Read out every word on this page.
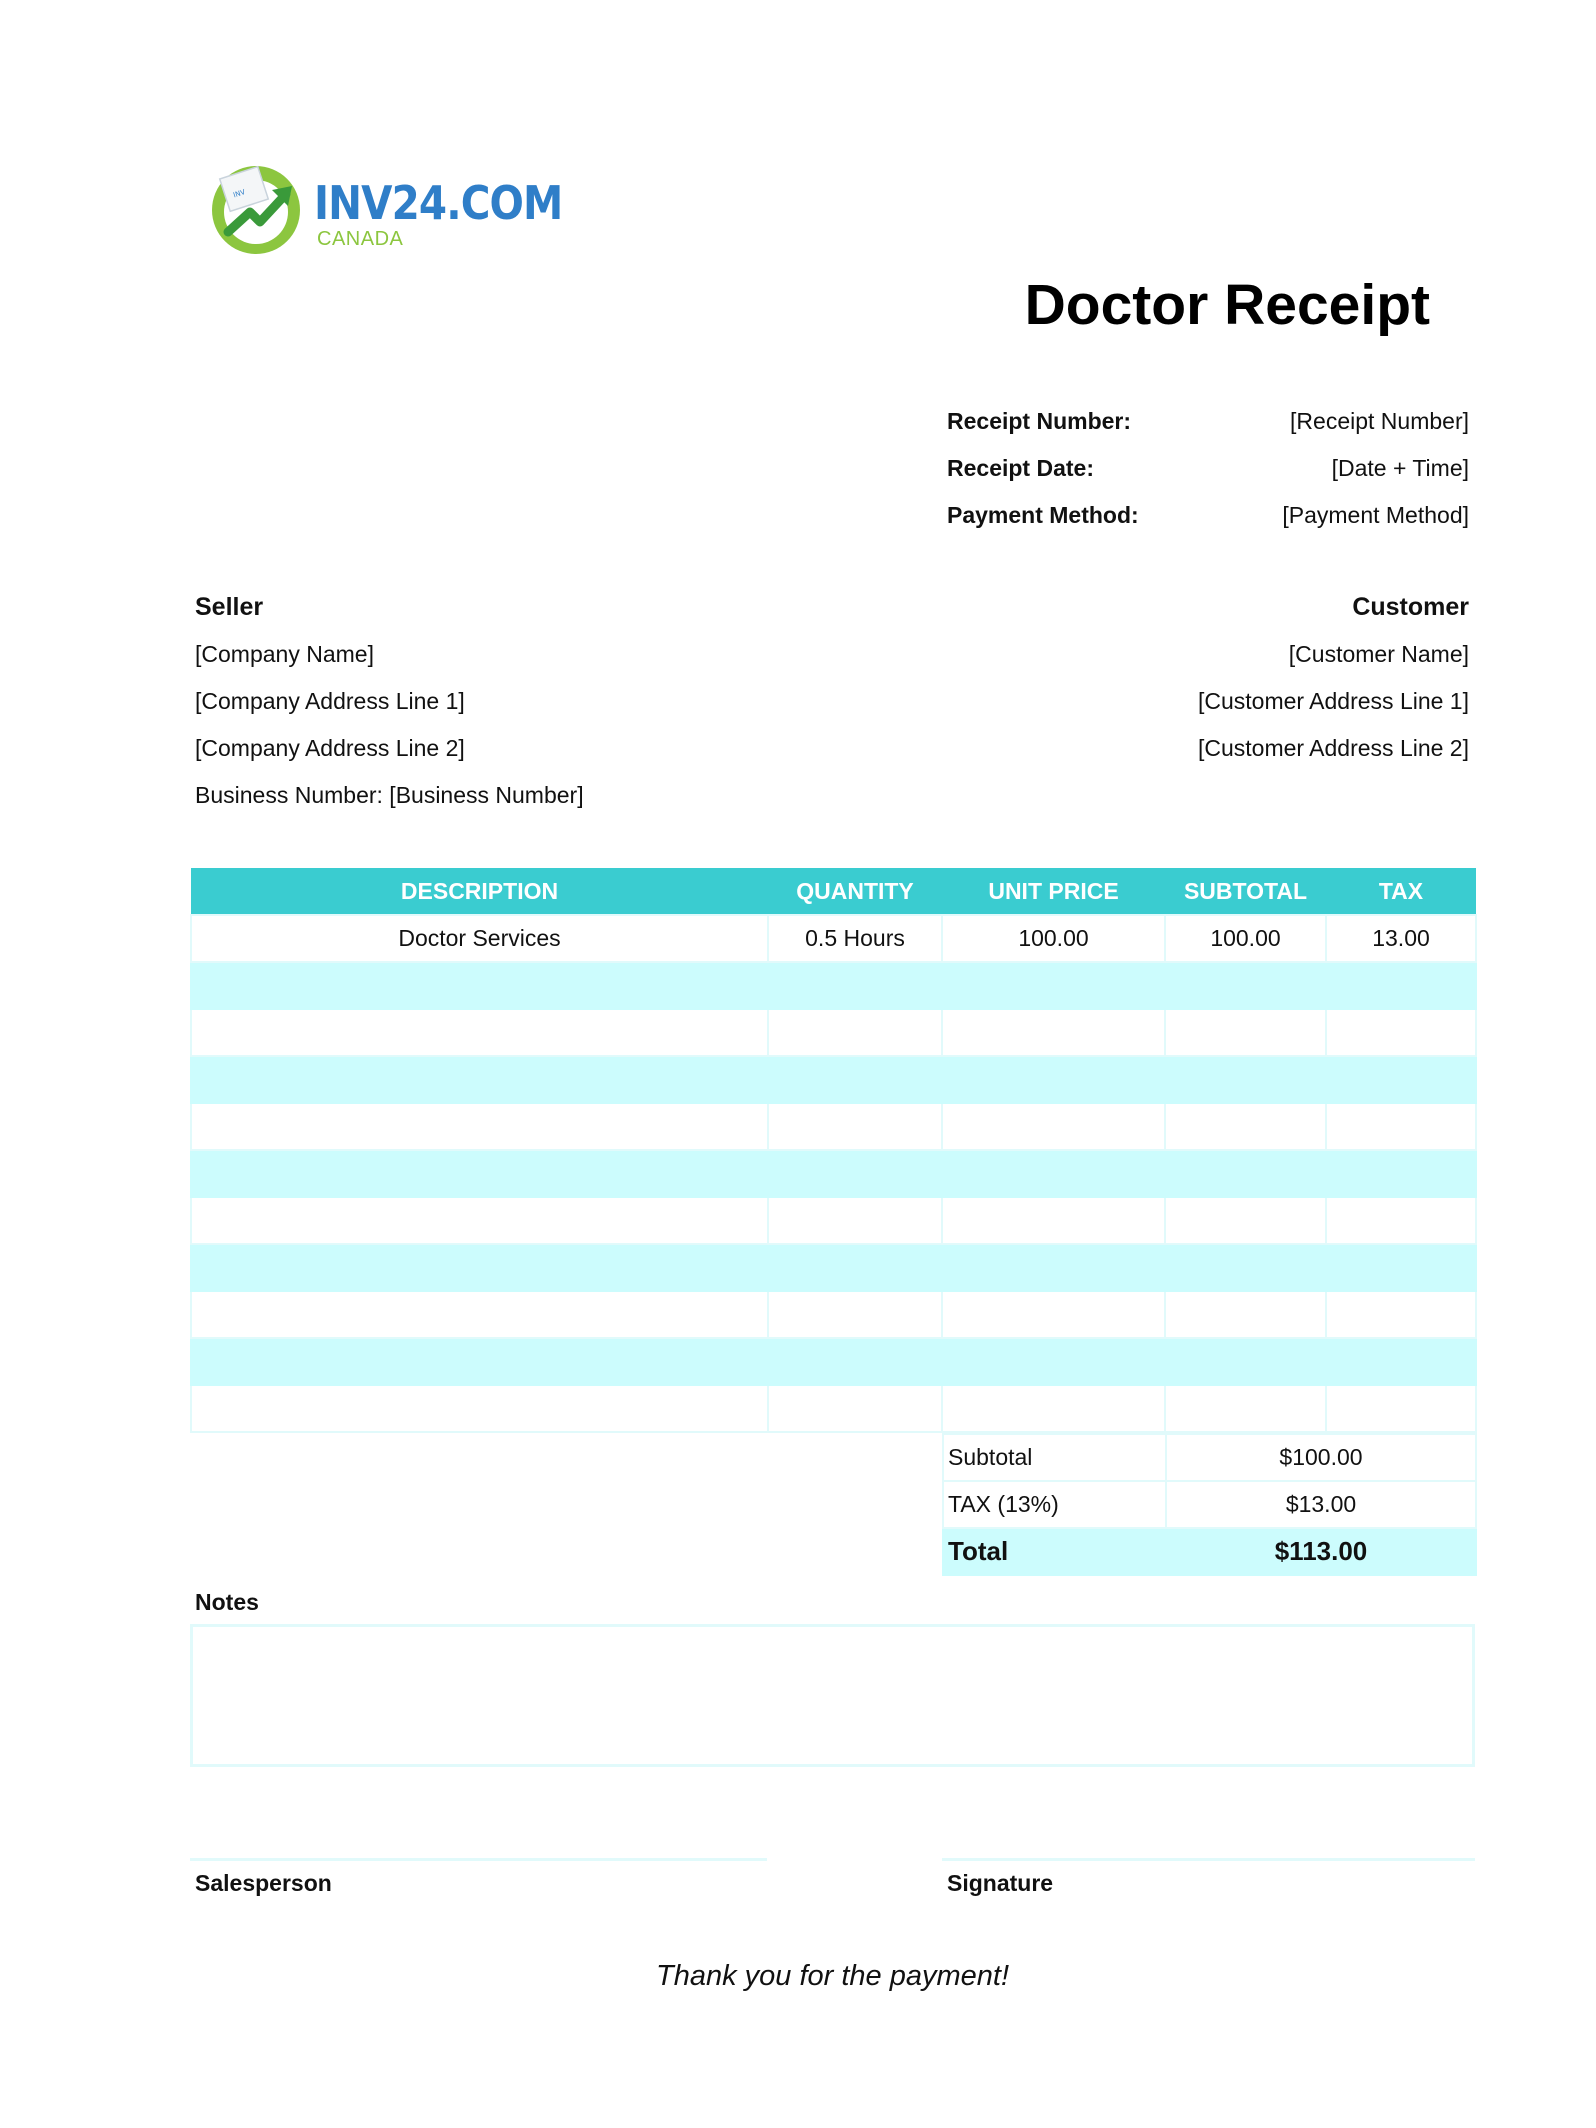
INV INV24.COM
CANADA
Doctor Receipt
Receipt Number:	[Receipt Number]
Receipt Date:	[Date + Time]
Payment Method:	[Payment Method]
Seller
[Company Name]
[Company Address Line 1]
[Company Address Line 2]
Business Number: [Business Number]
Customer
[Customer Name]
[Customer Address Line 1]
[Customer Address Line 2]
DESCRIPTION	QUANTITY	UNIT PRICE	SUBTOTAL	TAX
Doctor Services	0.5 Hours	100.00	100.00	13.00

Subtotal	$100.00
TAX (13%)	$13.00
Total	$113.00
Notes
Salesperson	Signature
Thank you for the payment!
